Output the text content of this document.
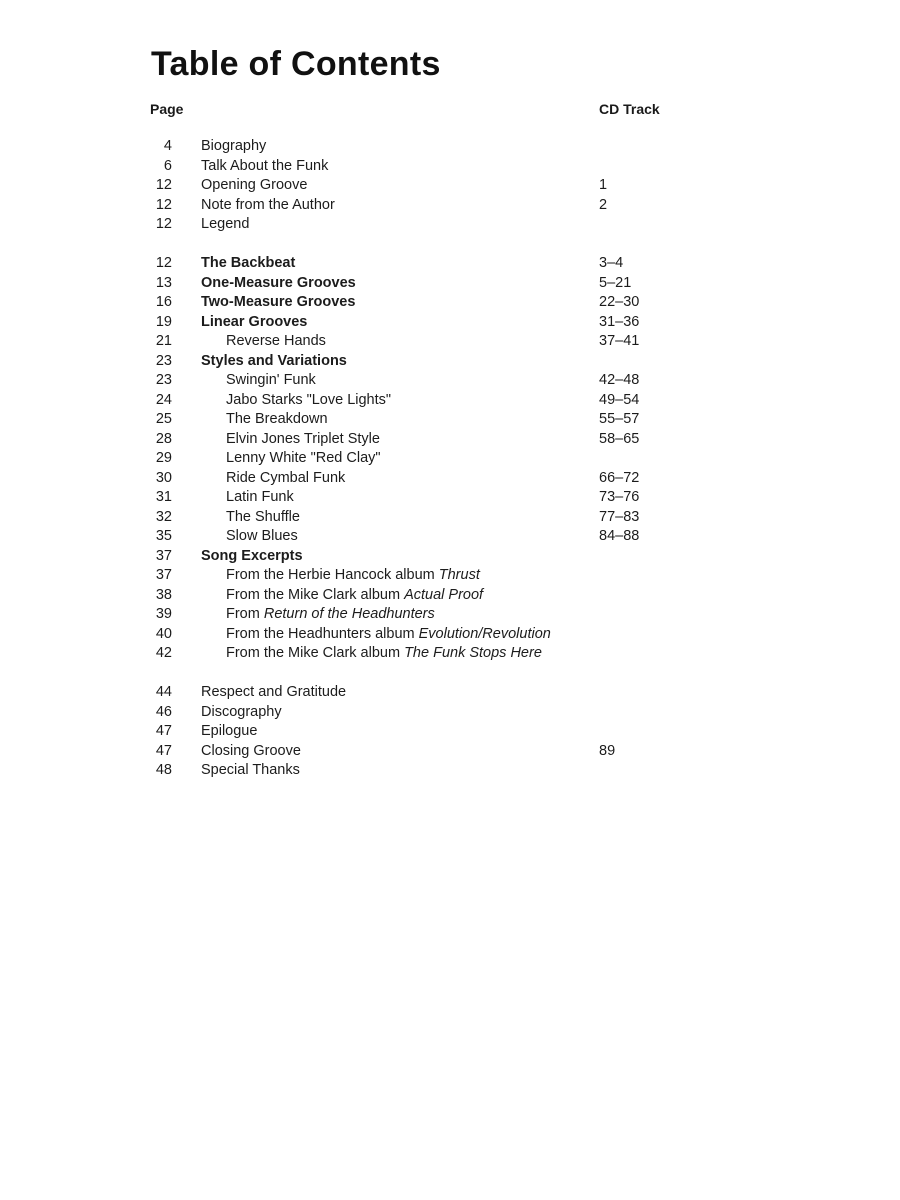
Table of Contents
Page	CD Track
4 Biography
6 Talk About the Funk
12 Opening Groove	1
12 Note from the Author	2
12 Legend
12 The Backbeat	3–4
13 One-Measure Grooves	5–21
16 Two-Measure Grooves	22–30
19 Linear Grooves	31–36
21	Reverse Hands	37–41
23 Styles and Variations
23	Swingin' Funk	42–48
24	Jabo Starks "Love Lights"	49–54
25	The Breakdown	55–57
28	Elvin Jones Triplet Style	58–65
29	Lenny White "Red Clay"
30	Ride Cymbal Funk	66–72
31	Latin Funk	73–76
32	The Shuffle	77–83
35	Slow Blues	84–88
37 Song Excerpts
37	From the Herbie Hancock album Thrust
38	From the Mike Clark album Actual Proof
39	From Return of the Headhunters
40	From the Headhunters album Evolution/Revolution
42	From the Mike Clark album The Funk Stops Here
44 Respect and Gratitude
46 Discography
47 Epilogue
47 Closing Groove	89
48 Special Thanks
